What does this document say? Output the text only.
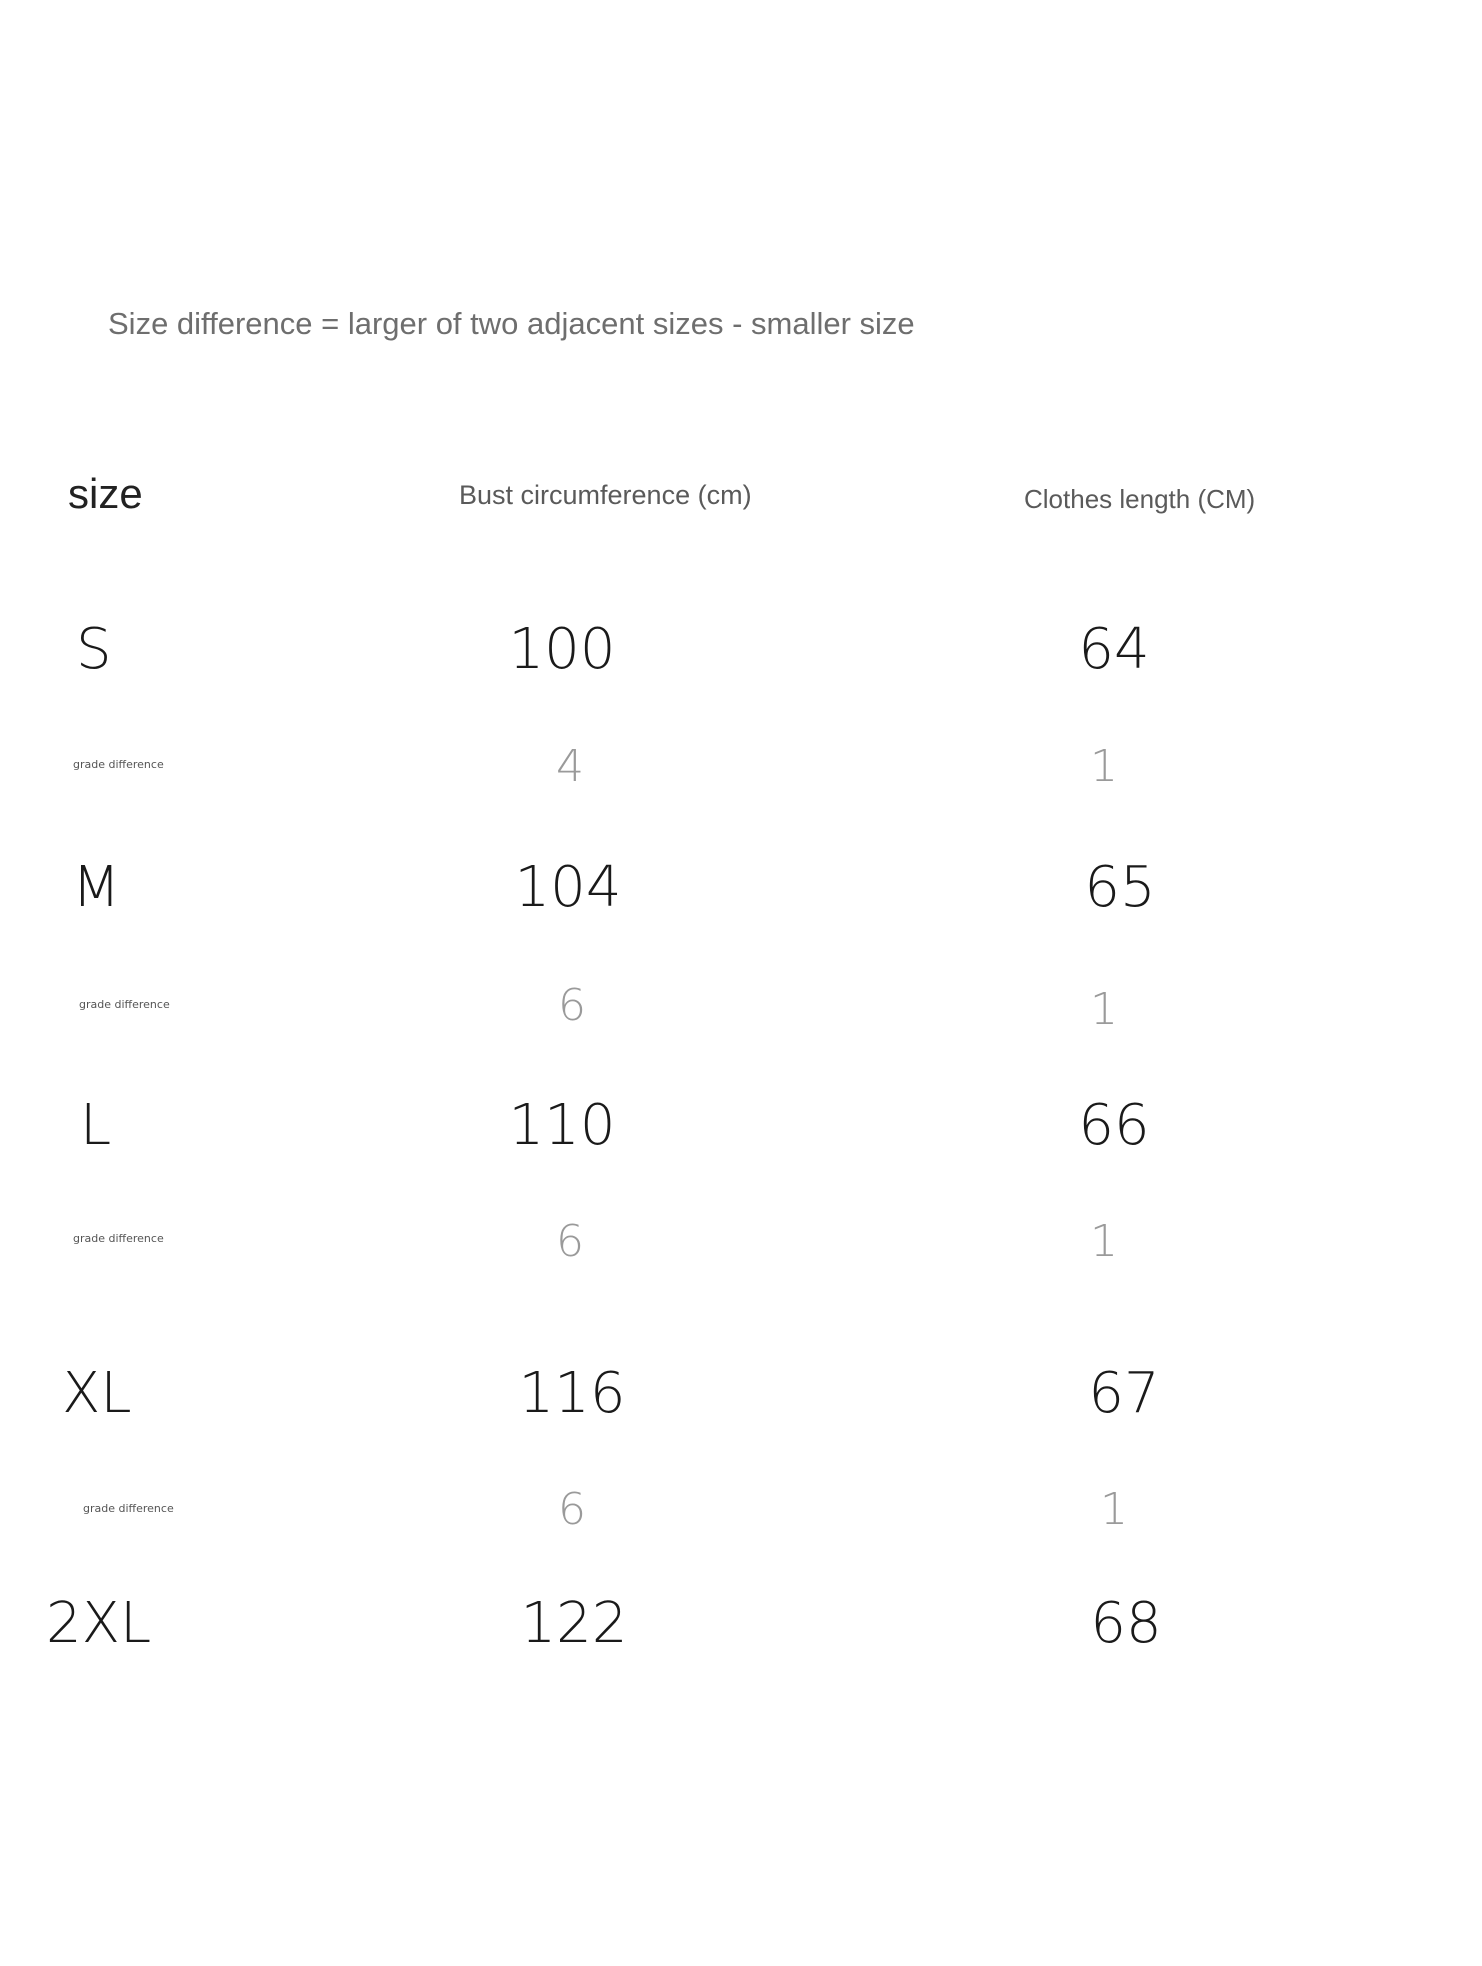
Size difference = larger of two adjacent sizes - smaller size
size	Bust circumference (cm)	Clothes length (CM)
S	100	64
grade difference	4	1
M	104	65
grade difference	6	1
L	110	66
grade difference	6	1
XL	116	67
grade difference	6	1
2XL	122	68
